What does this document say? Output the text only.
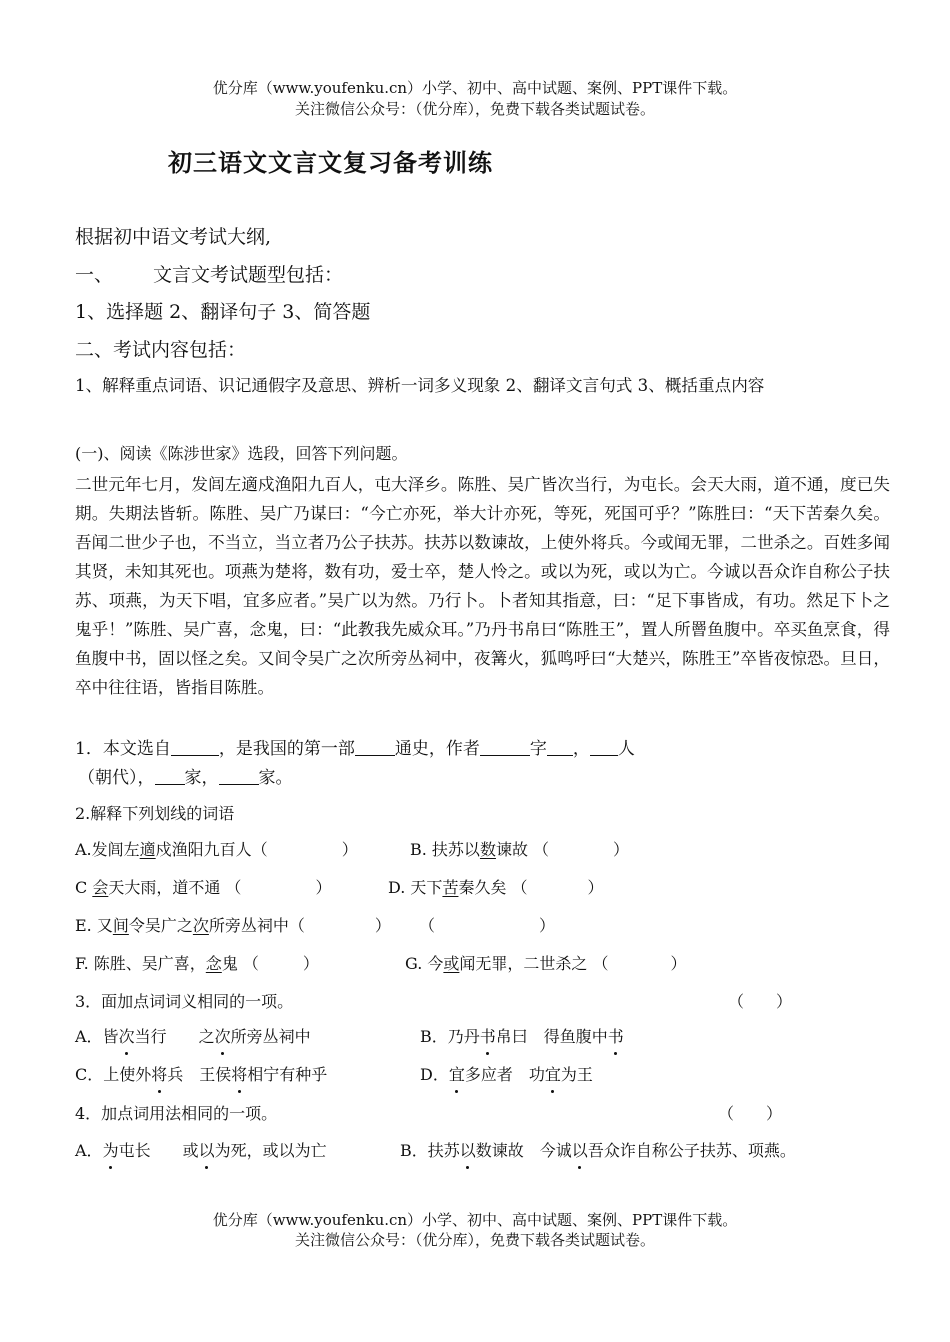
优分库（www.youfenku.cn）小学、初中、高中试题、案例、PPT课件下载。
关注微信公众号：（优分库），免费下载各类试题试卷。
初三语文文言文复习备考训练
根据初中语文考试大纲,
一、 文言文考试题型包括：
1、选择题 2、翻译句子 3、简答题
二、考试内容包括：
1、解释重点词语、识记通假字及意思、辨析一词多义现象 2、翻译文言句式 3、概括重点内容
(一)、阅读《陈涉世家》选段，回答下列问题。
二世元年七月，发闾左適戍渔阳九百人，屯大泽乡。陈胜、吴广皆次当行，为屯长。会天大雨，道不通，度已失期。失期法皆斩。陈胜、吴广乃谋曰：“今亡亦死，举大计亦死，等死，死国可乎？”陈胜曰：“天下苦秦久矣。吾闻二世少子也，不当立，当立者乃公子扶苏。扶苏以数谏故，上使外将兵。今或闻无罪，二世杀之。百姓多闻其贤，未知其死也。项燕为楚将，数有功，爱士卒，楚人怜之。或以为死，或以为亡。今诚以吾众诈自称公子扶苏、项燕，为天下唱，宜多应者。”吴广以为然。乃行卜。卜者知其指意，曰：“足下事皆成，有功。然足下卜之鬼乎！”陈胜、吴广喜，念鬼，曰：“此教我先威众耳。”乃丹书帛曰“陈胜王”，置人所罾鱼腹中。卒买鱼烹食，得鱼腹中书，固以怪之矣。又间令吴广之次所旁丛祠中，夜篝火，狐鸣呼曰“大楚兴，陈胜王”卒皆夜惊恐。旦日，卒中往往语，皆指目陈胜。
1．本文选自	，是我国的第一部 通史，作者	字 ， 人
（朝代）， 家， 家。
2.解释下列划线的词语
A.发闾左適戍渔阳九百人（	）	B. 扶苏以数谏故 （	）
C 会天大雨，道不通 （	）	D. 天下苦秦久矣 （	）
E. 又间令吴广之次所旁丛祠中（	） （	）
F. 陈胜、吴广喜，念鬼 （	）	G. 今或闻无罪，二世杀之 （	）
3．面加点词词义相同的一项。	（　　）
A．皆次当行　　之次所旁丛祠中	B．乃丹书帛曰　得鱼腹中书
C．上使外将兵　王侯将相宁有种乎	D．宜多应者　功宜为王
4．加点词用法相同的一项。	（　　）
A．为屯长　　或以为死，或以为亡	B．扶苏以数谏故　今诚以吾众诈自称公子扶苏、项燕。
优分库（www.youfenku.cn）小学、初中、高中试题、案例、PPT课件下载。
关注微信公众号：（优分库），免费下载各类试题试卷。
